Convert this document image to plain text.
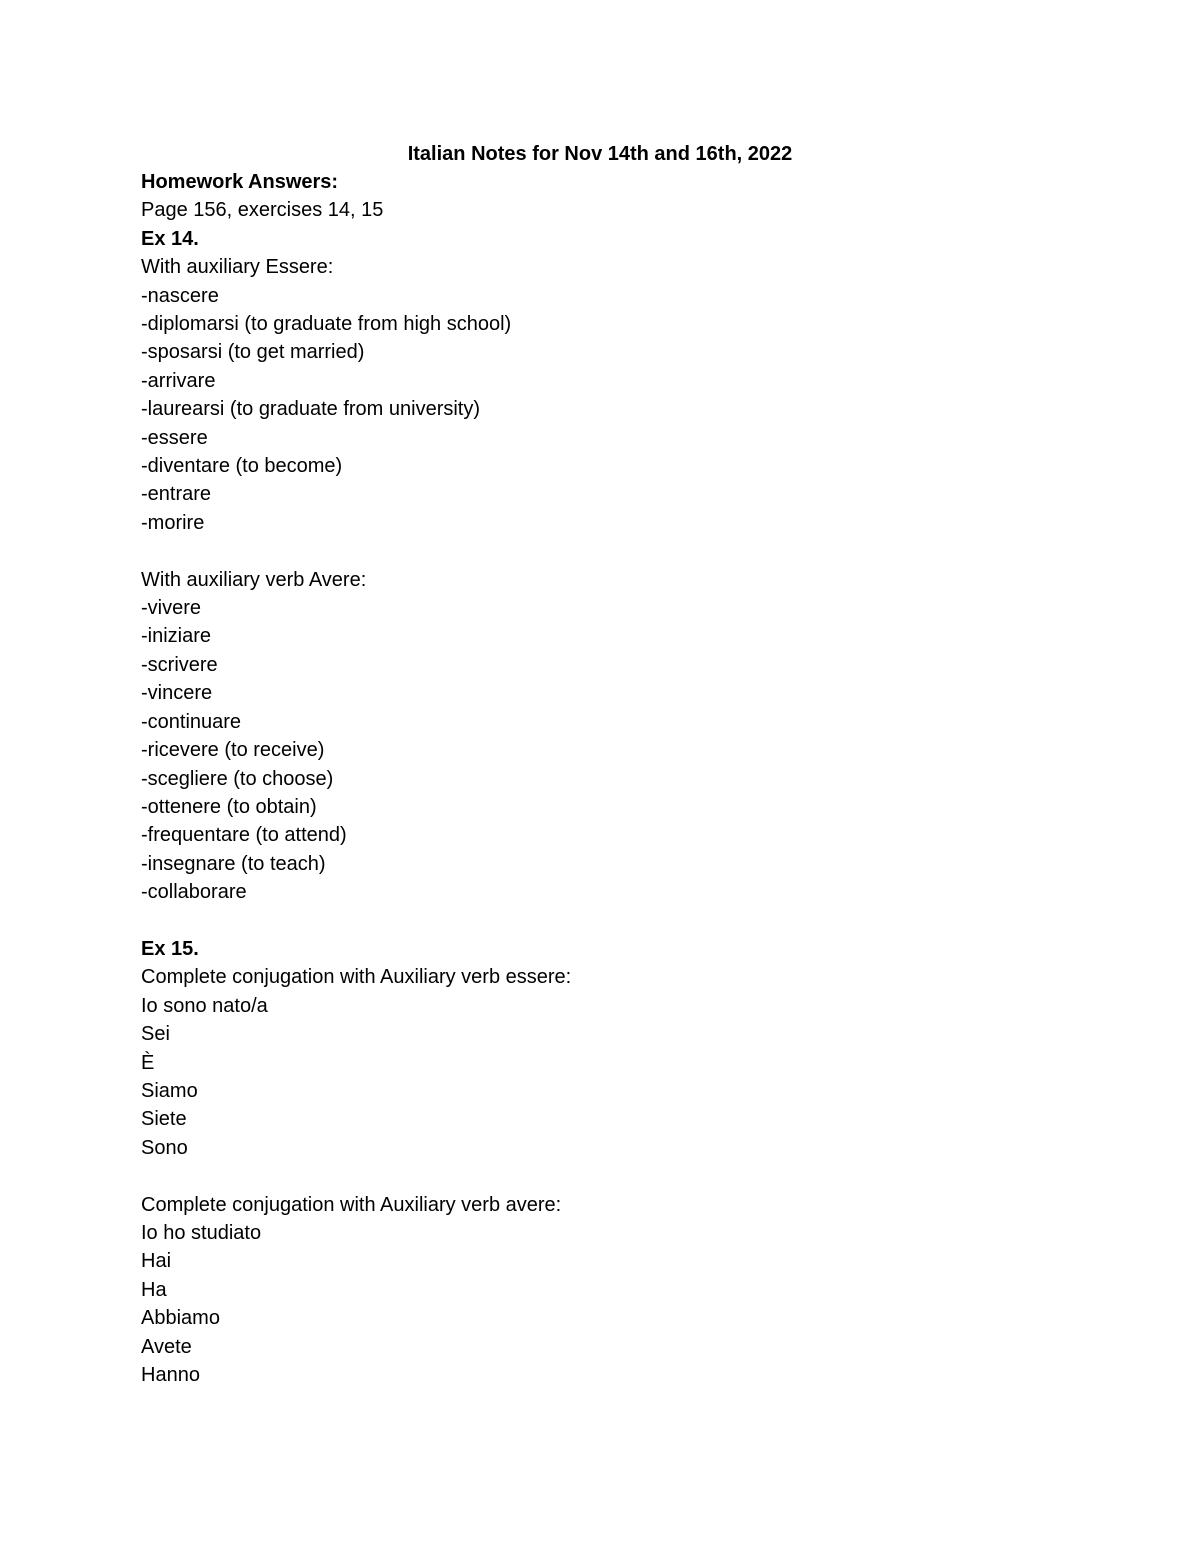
Italian Notes for Nov 14th and 16th, 2022
Homework Answers:
Page 156, exercises 14, 15
Ex 14.
With auxiliary Essere:
-nascere
-diplomarsi (to graduate from high school)
-sposarsi (to get married)
-arrivare
-laurearsi (to graduate from university)
-essere
-diventare (to become)
-entrare
-morire
With auxiliary verb Avere:
-vivere
-iniziare
-scrivere
-vincere
-continuare
-ricevere (to receive)
-scegliere (to choose)
-ottenere (to obtain)
-frequentare (to attend)
-insegnare (to teach)
-collaborare
Ex 15.
Complete conjugation with Auxiliary verb essere:
Io sono nato/a
Sei
È
Siamo
Siete
Sono
Complete conjugation with Auxiliary verb avere:
Io ho studiato
Hai
Ha
Abbiamo
Avete
Hanno
